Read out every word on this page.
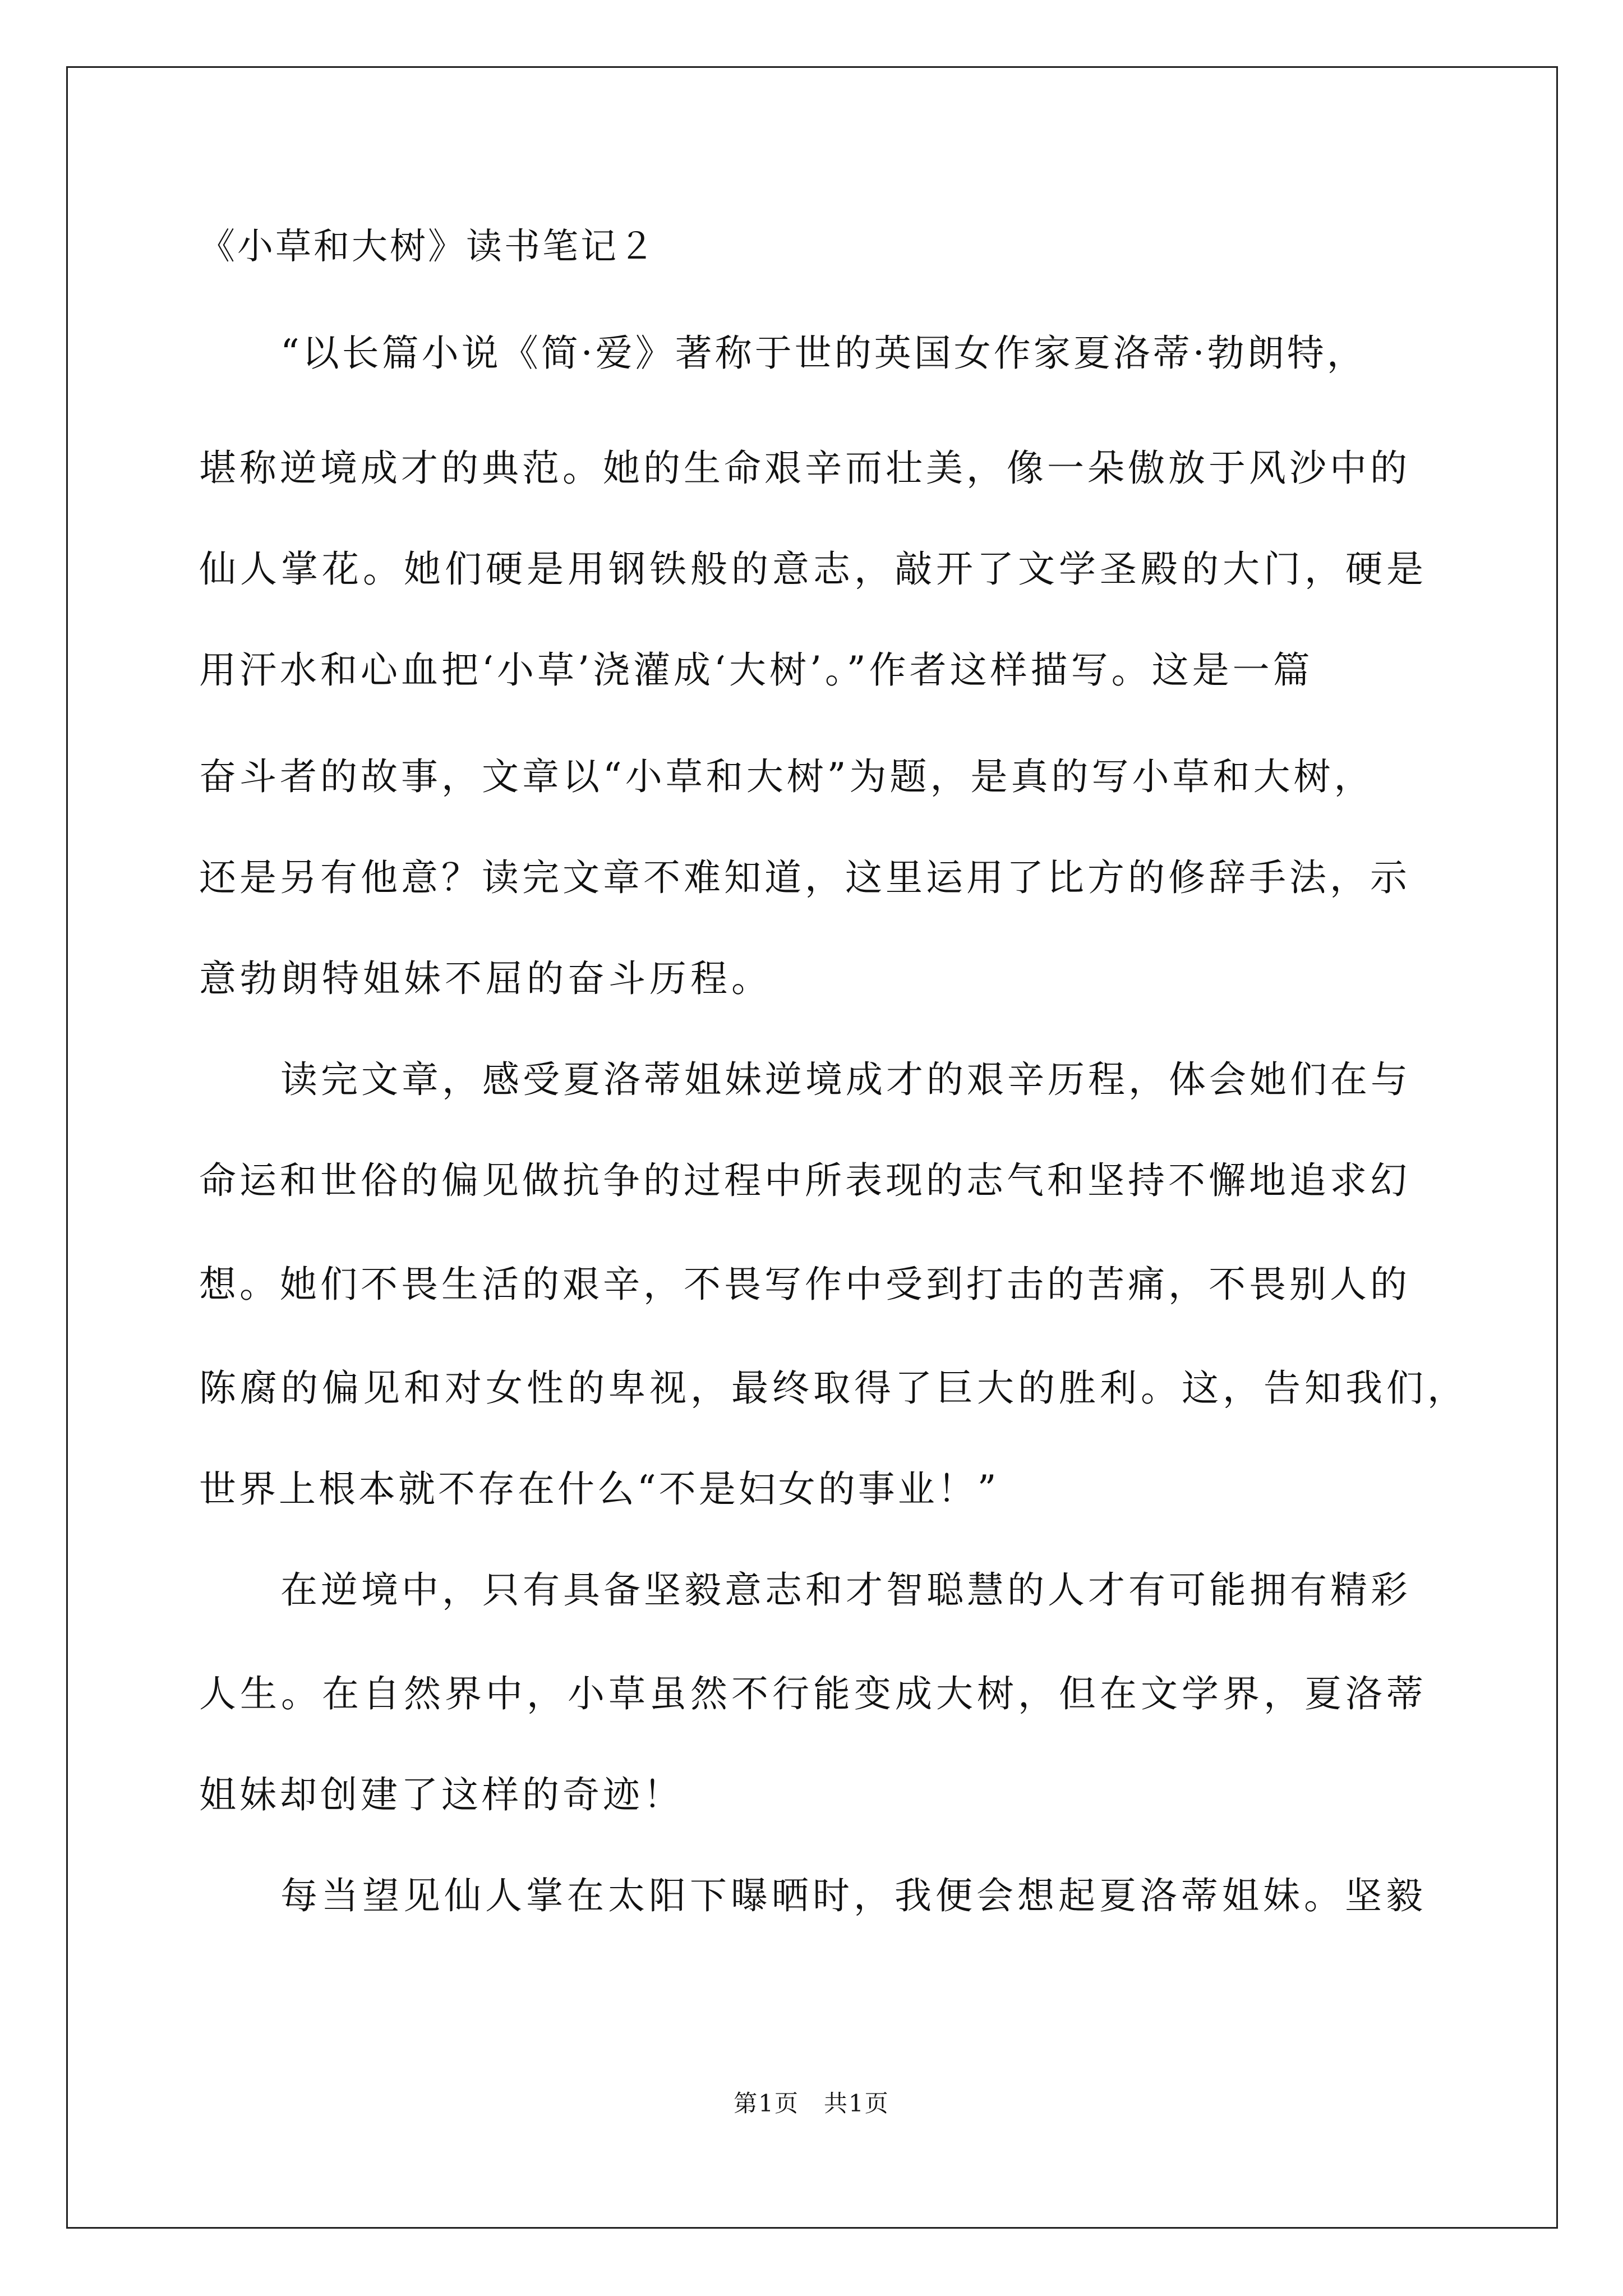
《小草和大树》读书笔记２
“以长篇小说《简·爱》著称于世的英国女作家夏洛蒂·勃朗特，
堪称逆境成才的典范。她的生命艰辛而壮美，像一朵傲放于风沙中的
仙人掌花。她们硬是用钢铁般的意志，敲开了文学圣殿的大门，硬是
用汗水和心血把‘小草’浇灌成‘大树’。”作者这样描写。这是一篇
奋斗者的故事，文章以“小草和大树”为题，是真的写小草和大树，
还是另有他意？读完文章不难知道，这里运用了比方的修辞手法，示
意勃朗特姐妹不屈的奋斗历程。
读完文章，感受夏洛蒂姐妹逆境成才的艰辛历程，体会她们在与
命运和世俗的偏见做抗争的过程中所表现的志气和坚持不懈地追求幻
想。她们不畏生活的艰辛，不畏写作中受到打击的苦痛，不畏别人的
陈腐的偏见和对女性的卑视，最终取得了巨大的胜利。这，告知我们，
世界上根本就不存在什么“不是妇女的事业！”
在逆境中，只有具备坚毅意志和才智聪慧的人才有可能拥有精彩
人生。在自然界中，小草虽然不行能变成大树，但在文学界，夏洛蒂
姐妹却创建了这样的奇迹！
每当望见仙人掌在太阳下曝晒时，我便会想起夏洛蒂姐妹。坚毅
第1页　共1页
